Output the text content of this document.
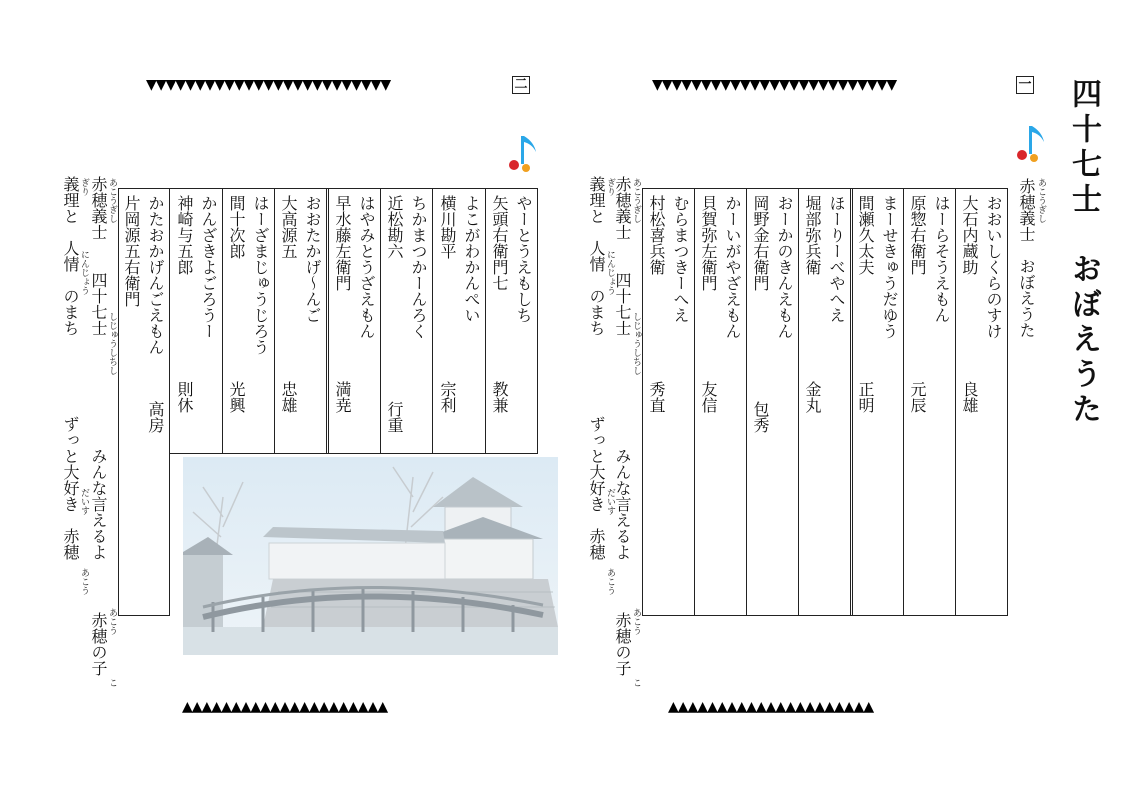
▼▼▼▼▼▼▼▼▼▼▼▼▼▼▼▼▼▼▼▼▼▼▼▼▼	一 四十七士　おぼえうた
赤穂義士　おぼえうた あこうぎし
おおいしくらのすけ
大石内蔵助
良雄
はーらそうえもん
原惣右衛門
元辰
まーせきゅうだゆう
間瀬久太夫
正明
ほーりーべやへえ
堀部弥兵衛
金丸
おーかのきんえもん
岡野金右衛門
包秀
かーいがやざえもん
貝賀弥左衛門
友信
むらまつきーへえ
村松喜兵衛
秀直
赤穂義士　　四十七士 あこうぎし
しじゅうしちし
義理と　人情　のまち ぎり
にんじょう
みんな言えるよ
ずっと大好き　赤穂 だいす
あこう
赤穂の子 あこう
こ
▲▲▲▲▲▲▲▲▲▲▲▲▲▲▲▲▲▲▲▲▲
▼▼▼▼▼▼▼▼▼▼▼▼▼▼▼▼▼▼▼▼▼▼▼▼▼	二
やーとうえもしち
矢頭右衛門七
教兼
よこがわかんぺい
横川勘平
宗利
ちかまつかーんろく
近松勘六
行重
はやみとうざえもん
早水藤左衛門
満尭
おおたかげ〜んご
大高源五
忠雄
はーざまじゅうじろう
間十次郎
光興
かんざきよごろうー
神崎与五郎
則休
かたおかげんごえもん
片岡源五右衛門
高房
赤穂義士　　四十七士 あこうぎし
しじゅうしちし
義理と　人情　のまち ぎり
にんじょう
みんな言えるよ
ずっと大好き　赤穂 だいす
あこう
赤穂の子 あこう
こ
▲▲▲▲▲▲▲▲▲▲▲▲▲▲▲▲▲▲▲▲▲
